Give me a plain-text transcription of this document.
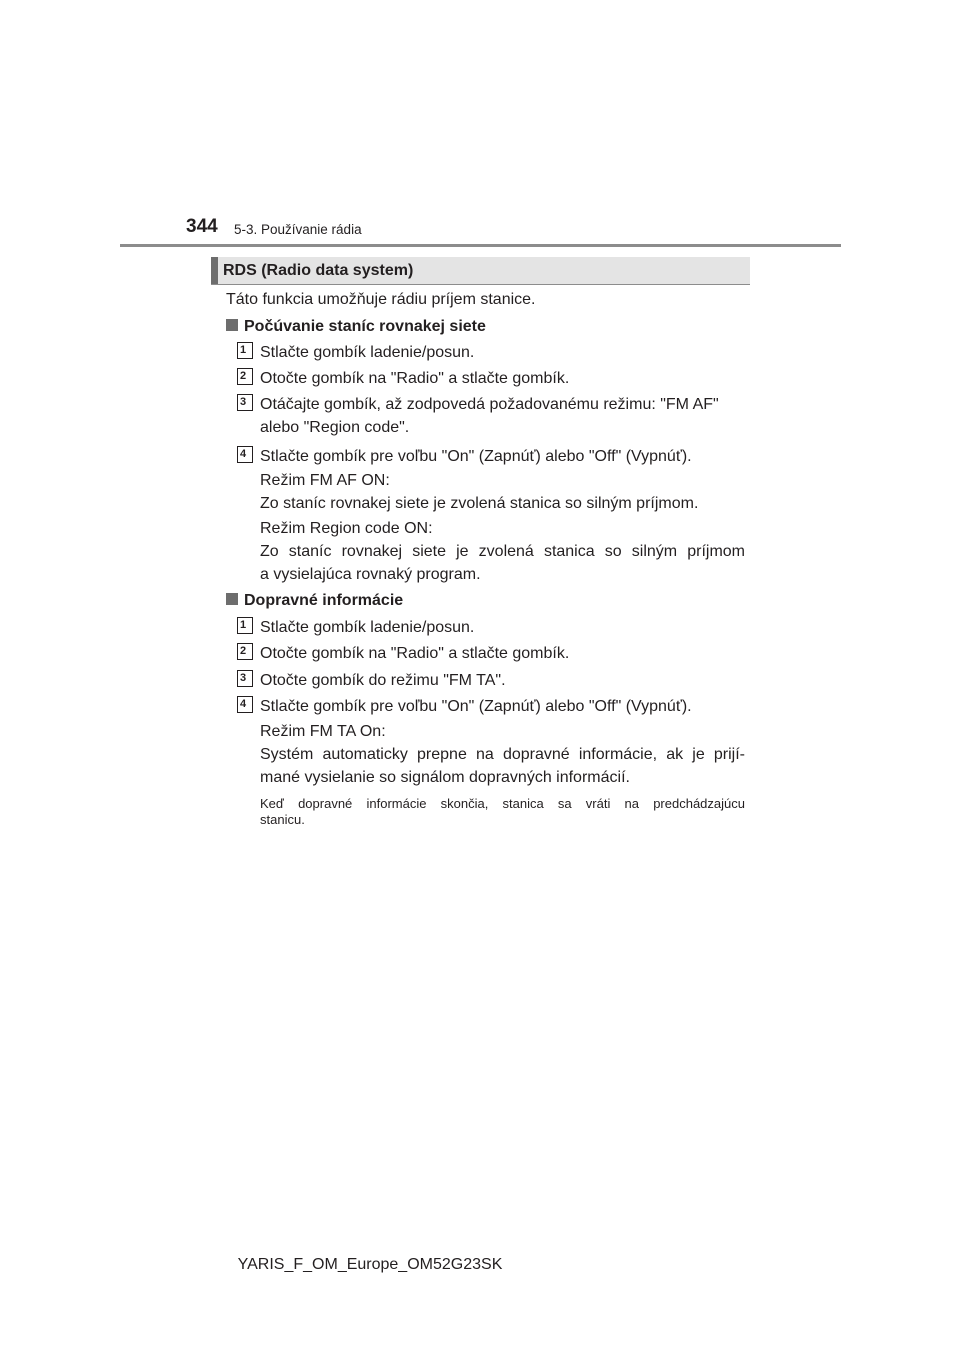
344 5-3. Používanie rádia
RDS (Radio data system)
Táto funkcia umožňuje rádiu príjem stanice.
Počúvanie staníc rovnakej siete
1 Stlačte gombík ladenie/posun.
2 Otočte gombík na "Radio" a stlačte gombík.
3 Otáčajte gombík, až zodpovedá požadovanému režimu: "FM AF"
alebo "Region code".
4 Stlačte gombík pre voľbu "On" (Zapnúť) alebo "Off" (Vypnúť).
Režim FM AF ON:
Zo staníc rovnakej siete je zvolená stanica so silným príjmom.
Režim Region code ON:
Zo staníc rovnakej siete je zvolená stanica so silným príjmom
a vysielajúca rovnaký program.
Dopravné informácie
1 Stlačte gombík ladenie/posun.
2 Otočte gombík na "Radio" a stlačte gombík.
3 Otočte gombík do režimu "FM TA".
4 Stlačte gombík pre voľbu "On" (Zapnúť) alebo "Off" (Vypnúť).
Režim FM TA On:
Systém automaticky prepne na dopravné informácie, ak je prijí-
mané vysielanie so signálom dopravných informácií.
Keď dopravné informácie skončia, stanica sa vráti na predchádzajúcu
stanicu.
YARIS_F_OM_Europe_OM52G23SK
